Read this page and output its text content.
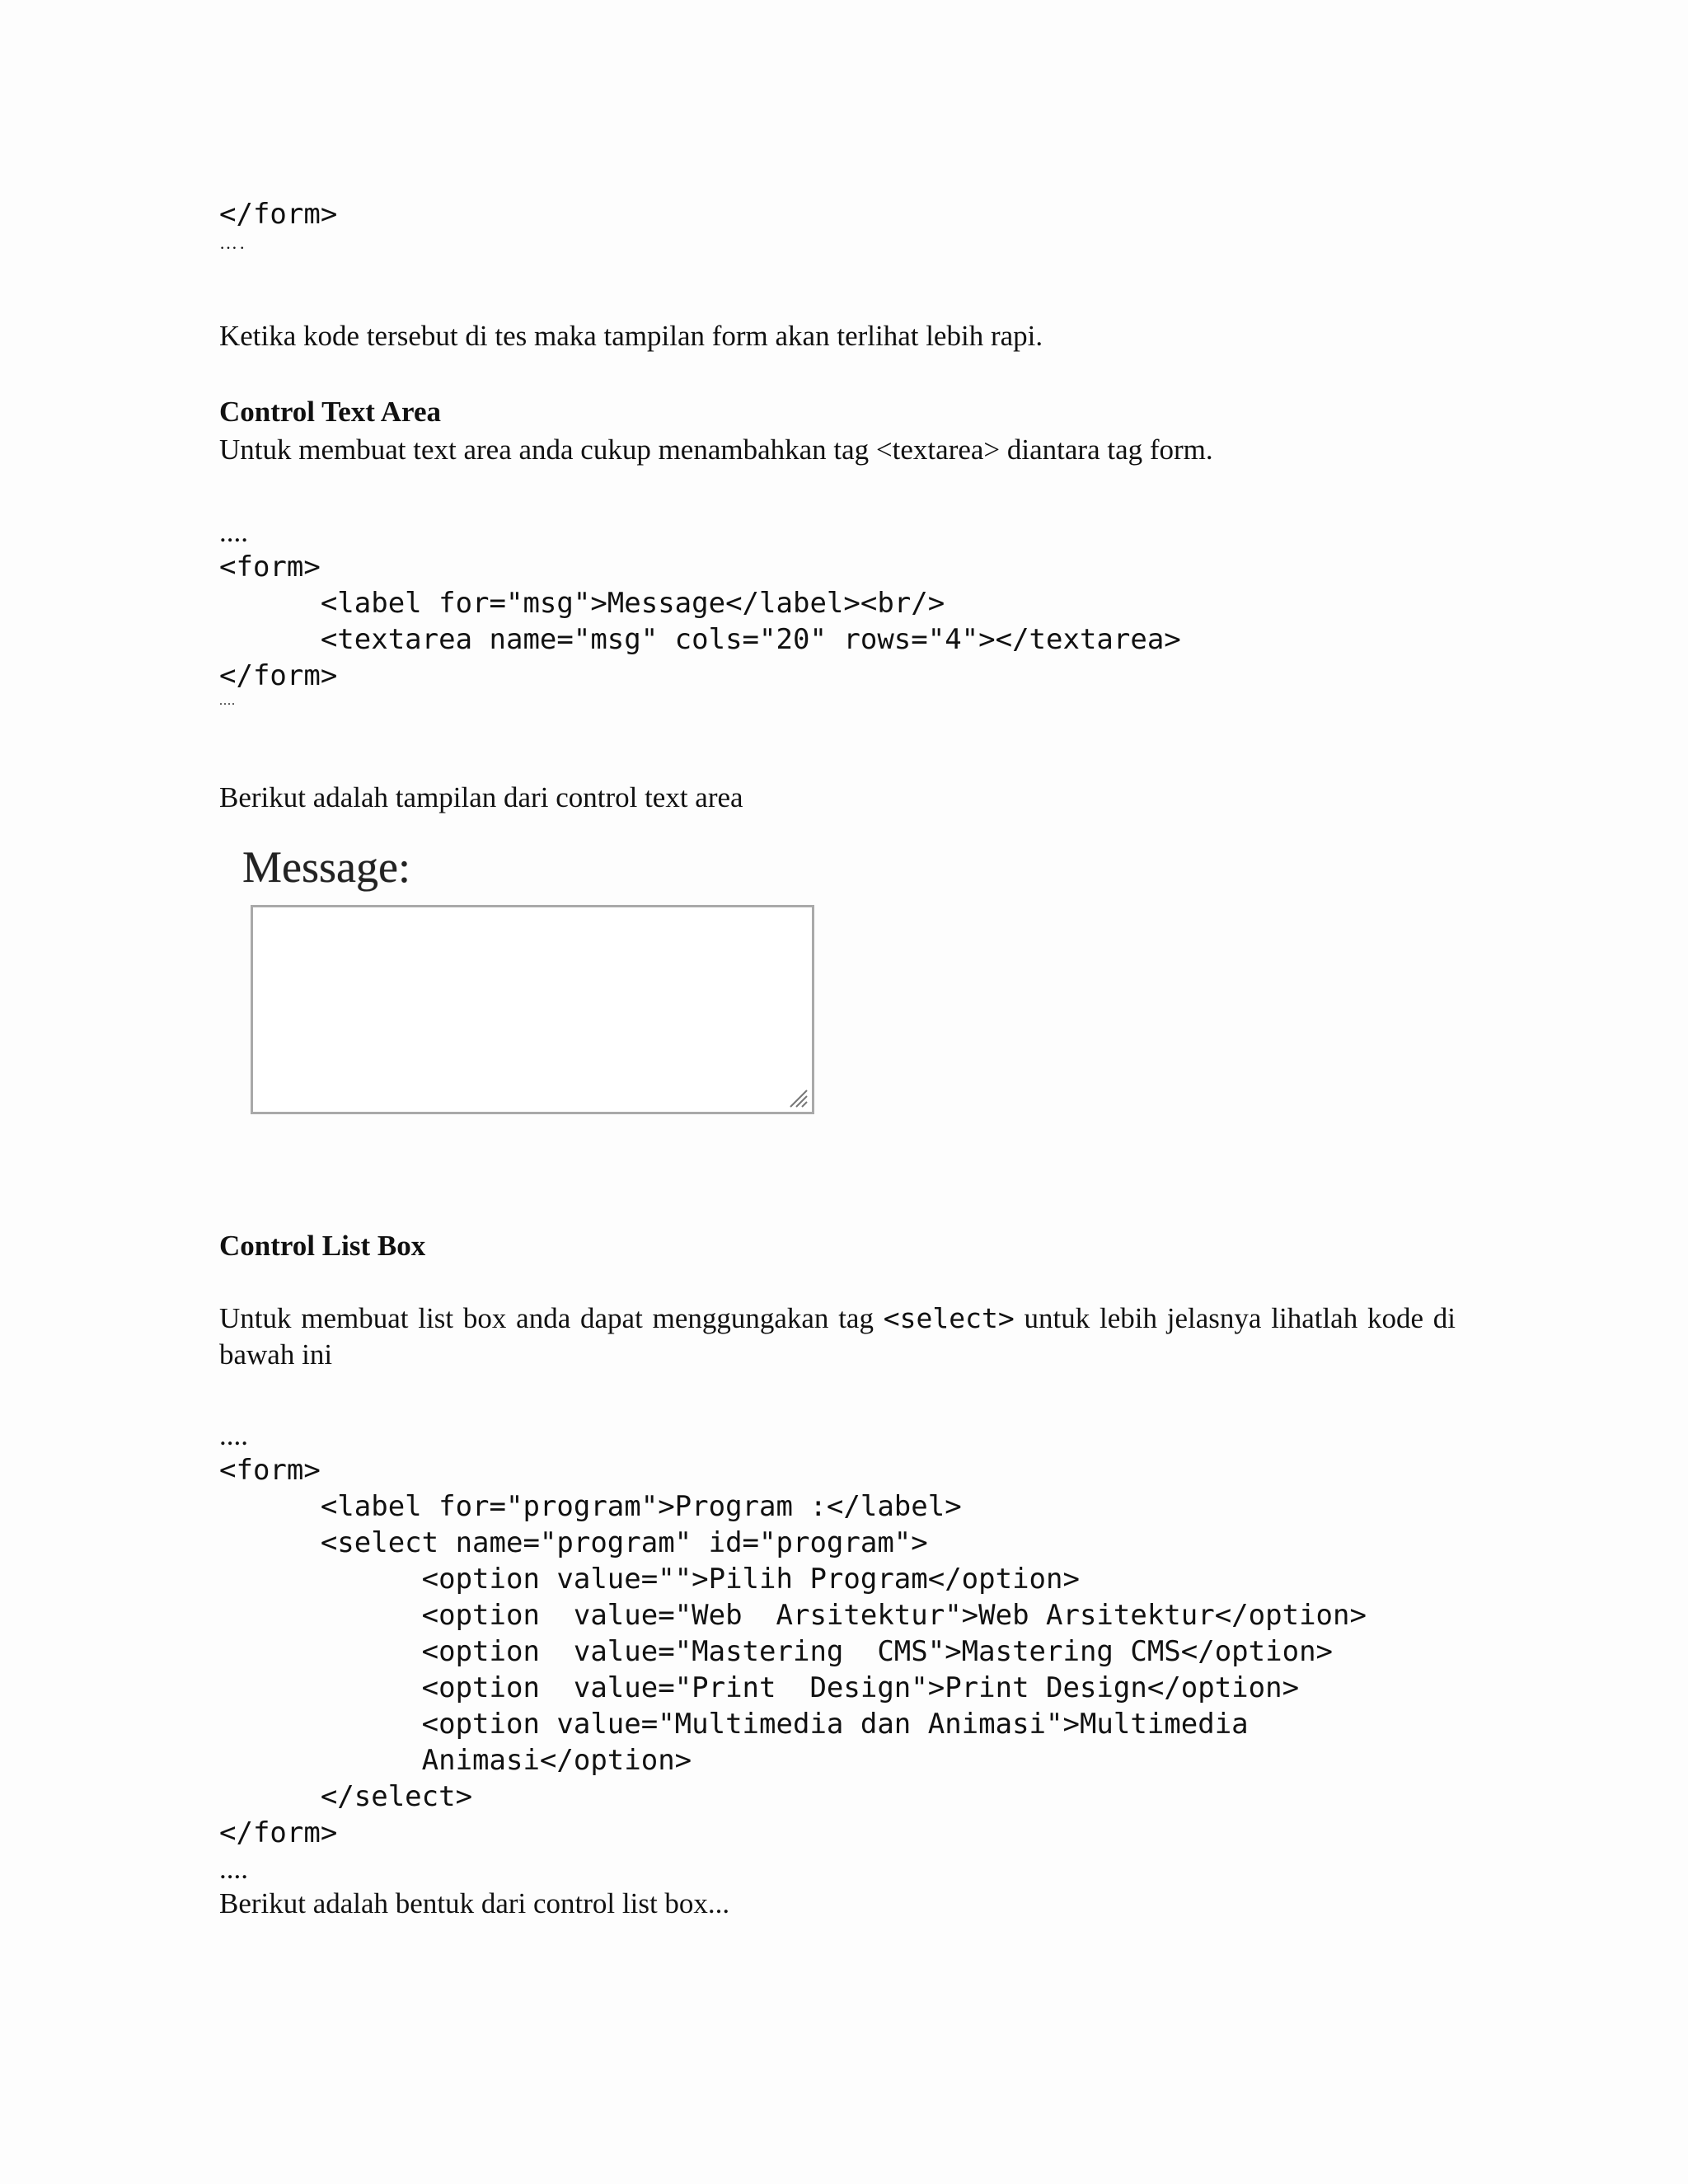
</form>
….
Ketika kode tersebut di tes maka tampilan form akan terlihat lebih rapi.
Control Text Area
Untuk membuat text area anda cukup menambahkan tag <textarea> diantara tag form.
....
<form>
<label for="msg">Message</label><br/>
<textarea name="msg" cols="20" rows="4"></textarea>
</form>
....
Berikut adalah tampilan dari control text area
Message:
Control List Box
Untuk membuat list box anda dapat menggungakan tag <select> untuk lebih jelasnya lihatlah kode di bawah ini
....
<form>
<label for="program">Program :</label>
<select name="program" id="program">
<option value="">Pilih Program</option>
<option  value="Web  Arsitektur">Web Arsitektur</option>
<option  value="Mastering  CMS">Mastering CMS</option>
<option  value="Print  Design">Print Design</option>
<option value="Multimedia dan Animasi">Multimedia
Animasi</option>
</select>
</form>
....
Berikut adalah bentuk dari control list box...
